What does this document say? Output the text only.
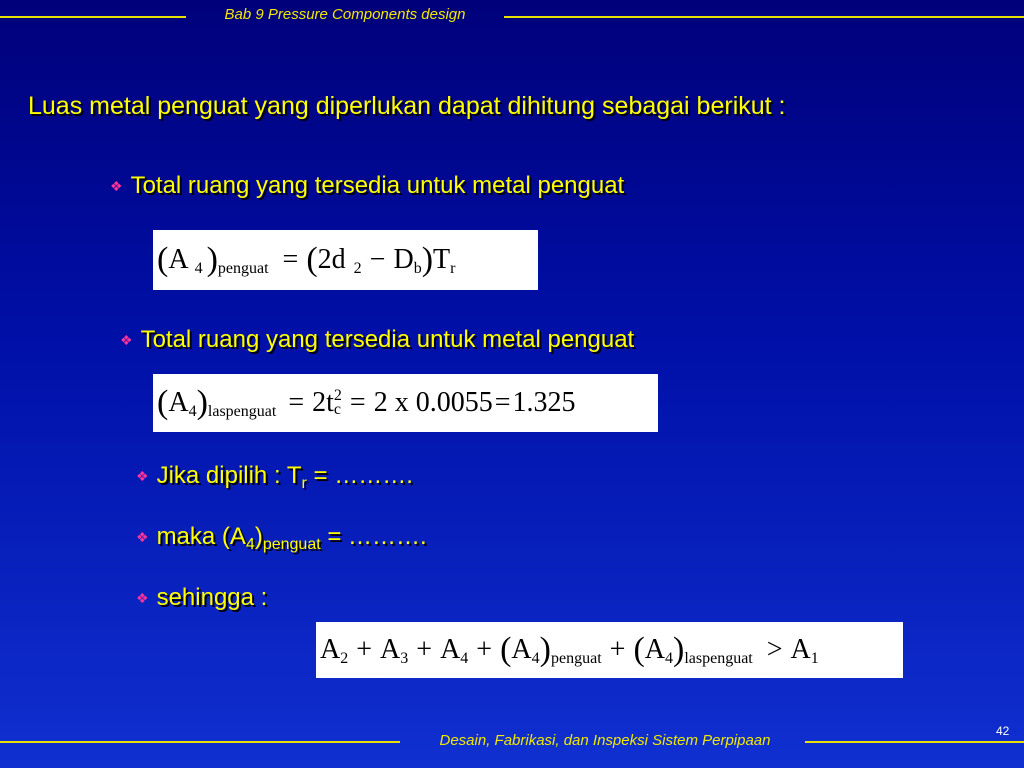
Bab 9 Pressure Components design
Luas metal penguat yang diperlukan dapat dihitung sebagai berikut :
❖ Total ruang yang tersedia untuk metal penguat
( A 4 ) penguat = ( 2d 2 − D b ) T r
❖ Total ruang yang tersedia untuk metal penguat
( A 4 ) laspenguat = 2t 2
c = 2 x 0.0055 = 1.325
❖ Jika dipilih : $T_r$ = ……….
❖ maka $(A_4)_{penguat}$ = ……….
❖ sehingga :
A 2 + A 3 + A 4 + ( A 4 ) penguat + ( A 4 ) laspenguat > A 1
Desain, Fabrikasi, dan Inspeksi Sistem Perpipaan
42
